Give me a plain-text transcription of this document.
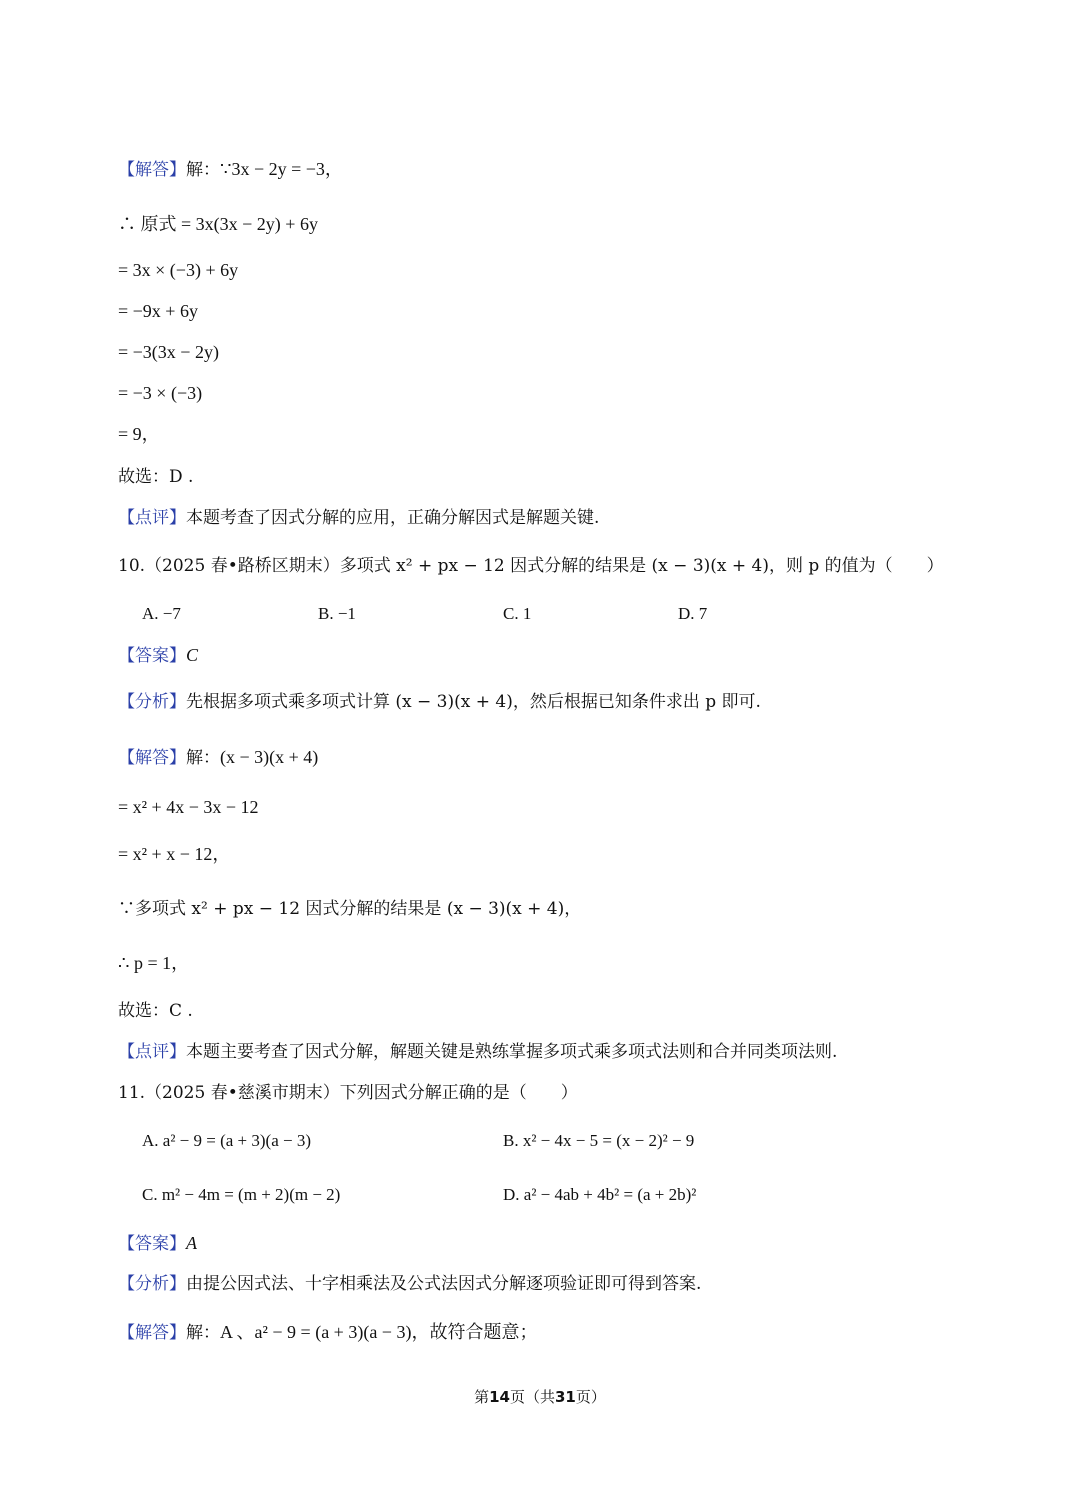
【解答】解：∵3x − 2y = −3，
∴ 原式 = 3x(3x − 2y) + 6y
= 3x × (−3) + 6y
= −9x + 6y
= −3(3x − 2y)
= −3 × (−3)
= 9，
故选：D .
【点评】本题考查了因式分解的应用，正确分解因式是解题关键.
10.（2025 春•路桥区期末）多项式 x² + px − 12 因式分解的结果是 (x − 3)(x + 4)，则 p 的值为（　　）
A. −7	B. −1	C. 1	D. 7
【答案】C
【分析】先根据多项式乘多项式计算 (x − 3)(x + 4)，然后根据已知条件求出 p 即可.
【解答】解：(x − 3)(x + 4)
= x² + 4x − 3x − 12
= x² + x − 12，
∵多项式 x² + px − 12 因式分解的结果是 (x − 3)(x + 4)，
∴ p = 1，
故选：C .
【点评】本题主要考查了因式分解，解题关键是熟练掌握多项式乘多项式法则和合并同类项法则.
11.（2025 春•慈溪市期末）下列因式分解正确的是（　　）
A. a² − 9 = (a + 3)(a − 3)	B. x² − 4x − 5 = (x − 2)² − 9
C. m² − 4m = (m + 2)(m − 2)	D. a² − 4ab + 4b² = (a + 2b)²
【答案】A
【分析】由提公因式法、十字相乘法及公式法因式分解逐项验证即可得到答案.
【解答】解：A 、a² − 9 = (a + 3)(a − 3)，故符合题意；
第14页（共31页）
